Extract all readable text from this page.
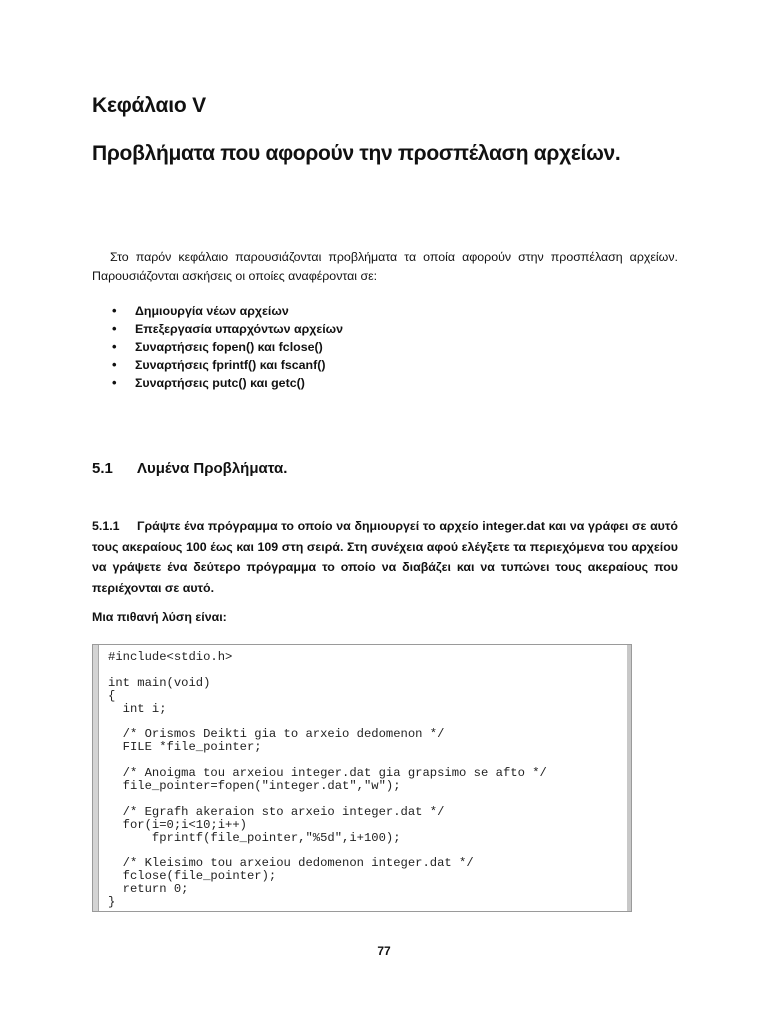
Κεφάλαιο V
Προβλήματα που αφορούν την προσπέλαση αρχείων.

Στο παρόν κεφάλαιο παρουσιάζονται προβλήματα τα οποία αφορούν στην προσπέλαση αρχείων. Παρουσιάζονται ασκήσεις οι οποίες αναφέρονται σε:

• Δημιουργία νέων αρχείων
• Επεξεργασία υπαρχόντων αρχείων
• Συναρτήσεις fopen() και fclose()
• Συναρτήσεις fprintf() και fscanf()
• Συναρτήσεις putc() και getc()
5.1 Λυμένα Προβλήματα.

5.1.1 Γράψτε ένα πρόγραμμα το οποίο να δημιουργεί το αρχείο integer.dat και να γράφει σε αυτό τους ακεραίους 100 έως και 109 στη σειρά. Στη συνέχεια αφού ελέγξετε τα περιεχόμενα του αρχείου να γράψετε ένα δεύτερο πρόγραμμα το οποίο να διαβάζει και να τυπώνει τους ακεραίους που περιέχονται σε αυτό.

Μια πιθανή λύση είναι:

#include<stdio.h>
int main(void)
{
int i;
/* Orismos Deikti gia to arxeio dedomenon */
FILE *file_pointer;
/* Anoigma tou arxeiou integer.dat gia grapsimo se afto */
file_pointer=fopen("integer.dat","w");
/* Egrafh akeraion sto arxeio integer.dat */
for(i=0;i<10;i++)
fprintf(file_pointer,"%5d",i+100);
/* Kleisimo tou arxeiou dedomenon integer.dat */
fclose(file_pointer);
return 0;
}
77
